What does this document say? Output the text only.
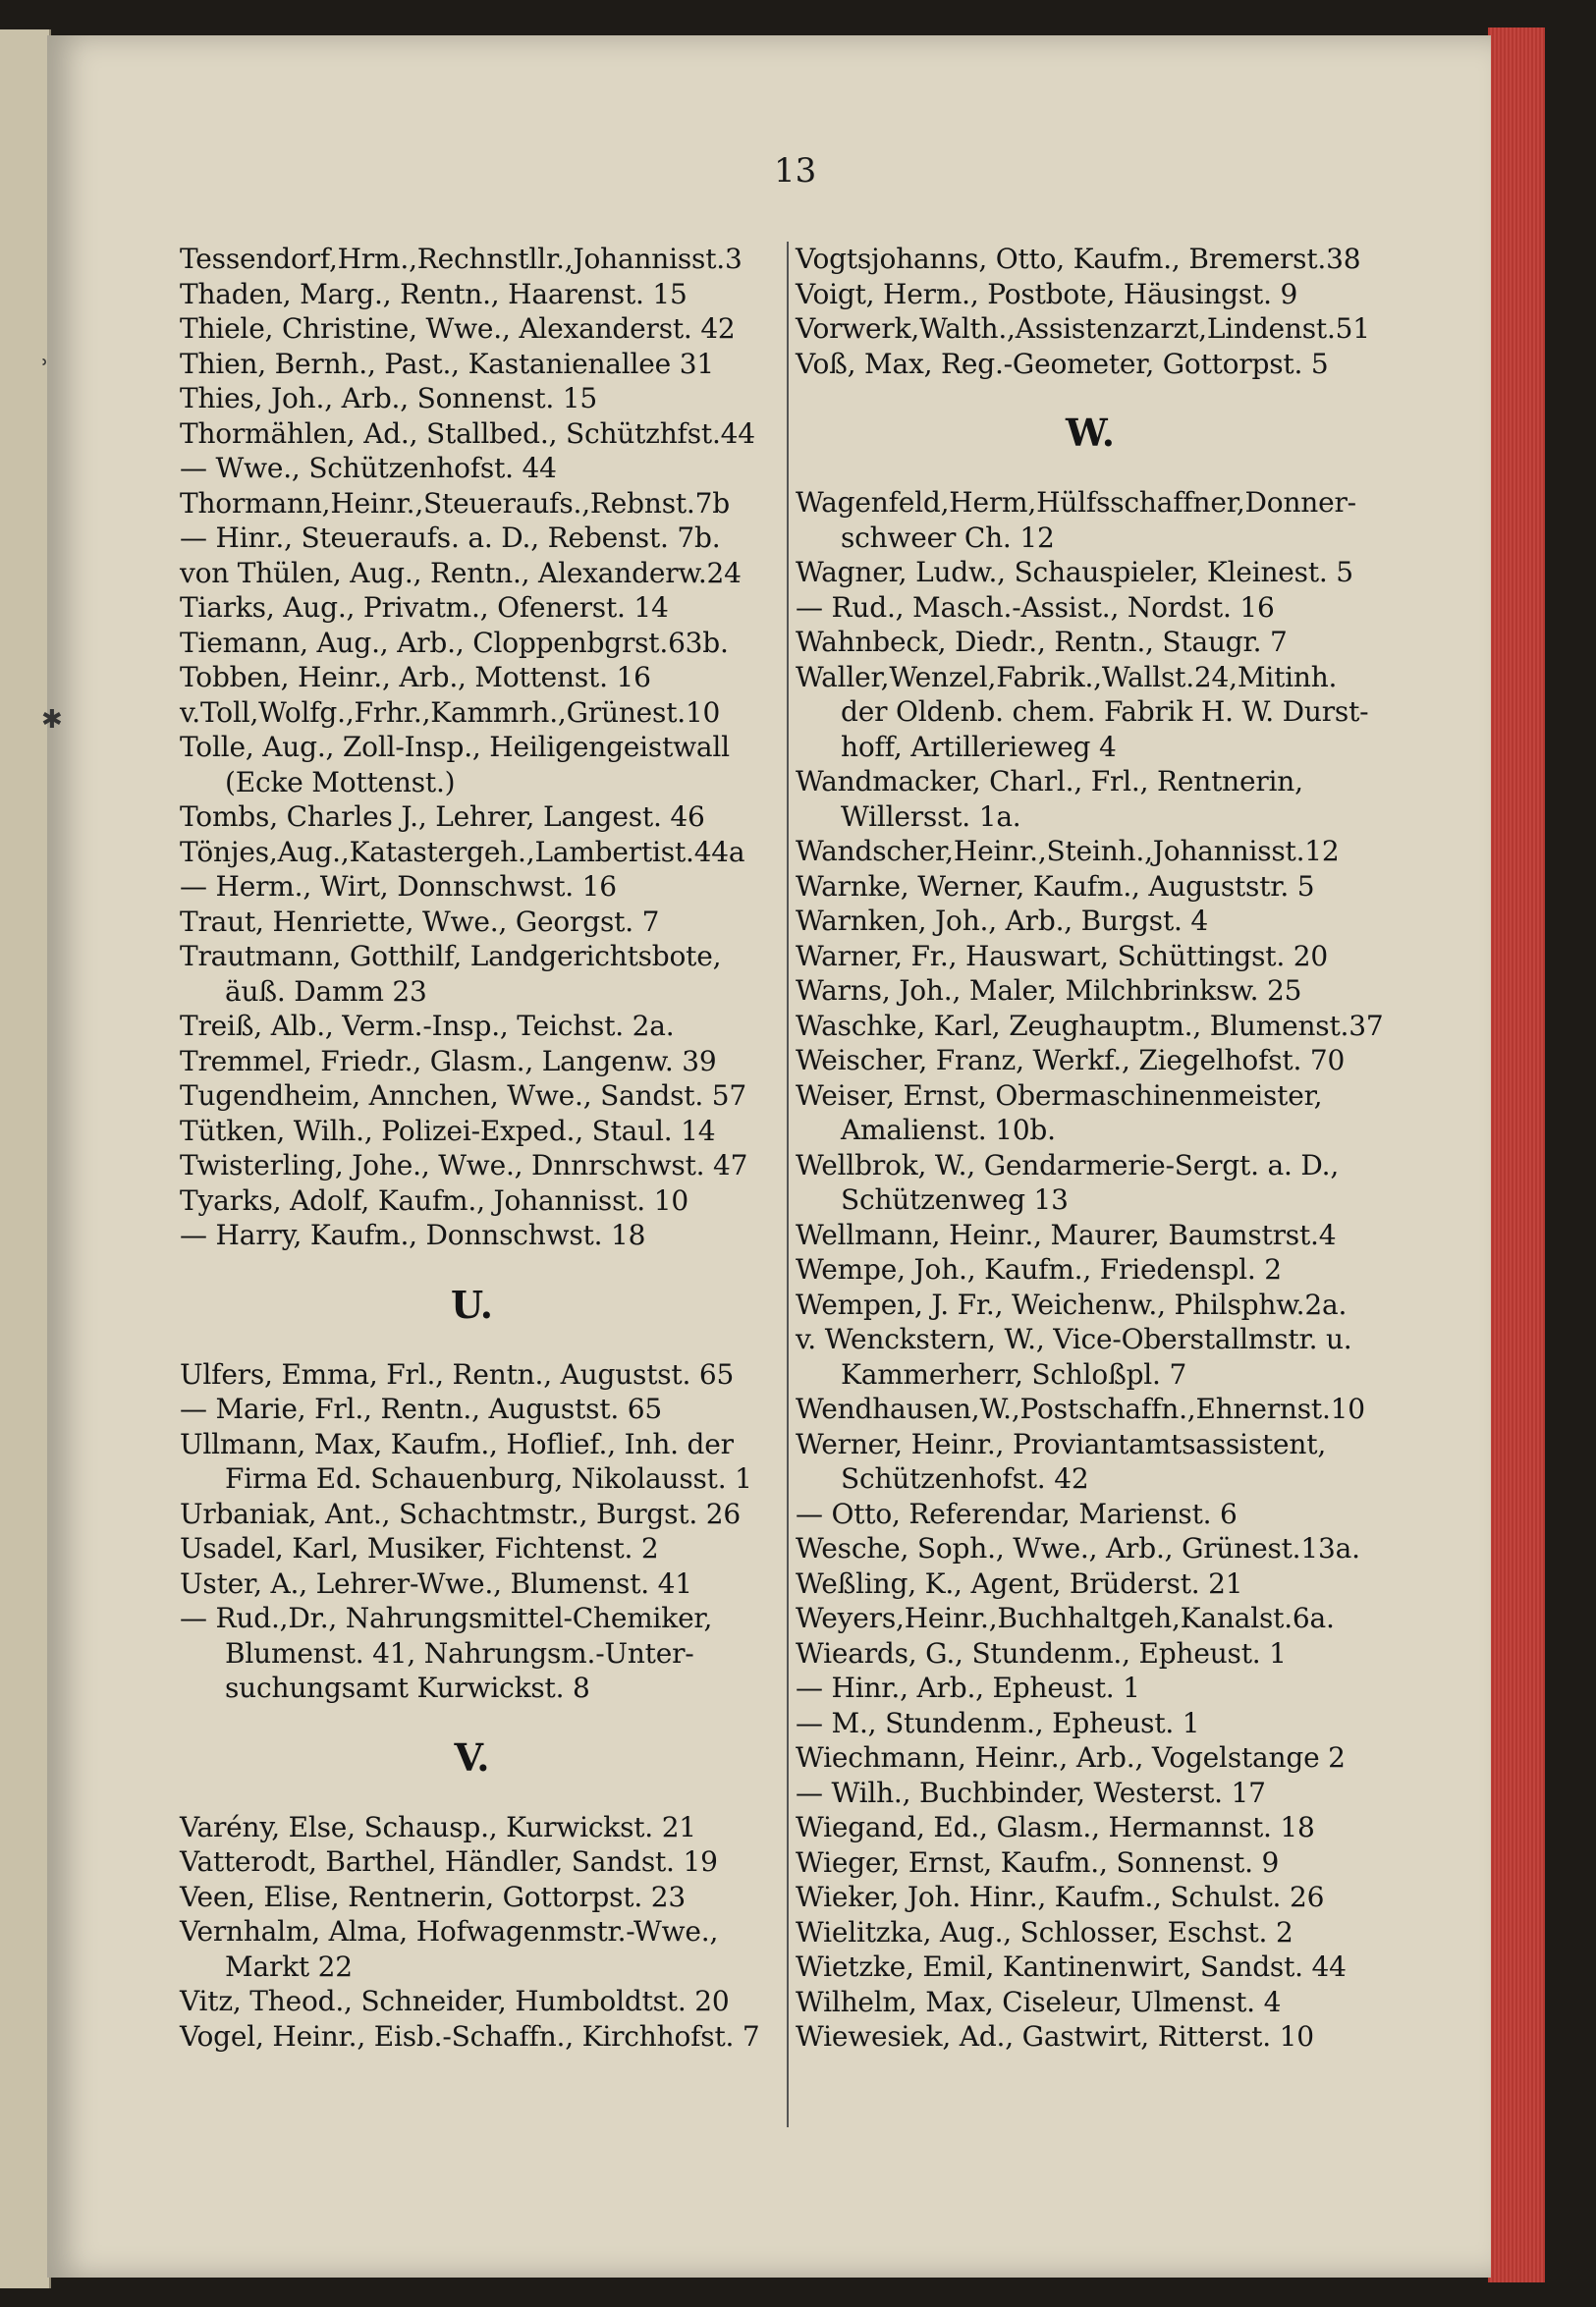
13
ʾ
✱
Tessendorf,Hrm.,Rechnstllr.,Johannisst.3
Thaden, Marg., Rentn., Haarenst. 15
Thiele, Christine, Wwe., Alexanderst. 42
Thien, Bernh., Past., Kastanienallee 31
Thies, Joh., Arb., Sonnenst. 15
Thormählen, Ad., Stallbed., Schützhfst.44
— Wwe., Schützenhofst. 44
Thormann,Heinr.,Steueraufs.,Rebnst.7b
— Hinr., Steueraufs. a. D., Rebenst. 7b.
von Thülen, Aug., Rentn., Alexanderw.24
Tiarks, Aug., Privatm., Ofenerst. 14
Tiemann, Aug., Arb., Cloppenbgrst.63b.
Tobben, Heinr., Arb., Mottenst. 16
v.Toll,Wolfg.,Frhr.,Kammrh.,Grünest.10
Tolle, Aug., Zoll-Insp., Heiligengeistwall
(Ecke Mottenst.)
Tombs, Charles J., Lehrer, Langest. 46
Tönjes,Aug.,Katastergeh.,Lambertist.44a
— Herm., Wirt, Donnschwst. 16
Traut, Henriette, Wwe., Georgst. 7
Trautmann, Gotthilf, Landgerichtsbote,
äuß. Damm 23
Treiß, Alb., Verm.-Insp., Teichst. 2a.
Tremmel, Friedr., Glasm., Langenw. 39
Tugendheim, Annchen, Wwe., Sandst. 57
Tütken, Wilh., Polizei-Exped., Staul. 14
Twisterling, Johe., Wwe., Dnnrschwst. 47
Tyarks, Adolf, Kaufm., Johannisst. 10
— Harry, Kaufm., Donnschwst. 18
U.
Ulfers, Emma, Frl., Rentn., Augustst. 65
— Marie, Frl., Rentn., Augustst. 65
Ullmann, Max, Kaufm., Hoflief., Inh. der
Firma Ed. Schauenburg, Nikolausst. 1
Urbaniak, Ant., Schachtmstr., Burgst. 26
Usadel, Karl, Musiker, Fichtenst. 2
Uster, A., Lehrer-Wwe., Blumenst. 41
— Rud.,Dr., Nahrungsmittel-Chemiker,
Blumenst. 41, Nahrungsm.-Unter-
suchungsamt Kurwickst. 8
V.
Varény, Else, Schausp., Kurwickst. 21
Vatterodt, Barthel, Händler, Sandst. 19
Veen, Elise, Rentnerin, Gottorpst. 23
Vernhalm, Alma, Hofwagenmstr.-Wwe.,
Markt 22
Vitz, Theod., Schneider, Humboldtst. 20
Vogel, Heinr., Eisb.-Schaffn., Kirchhofst. 7
Vogtsjohanns, Otto, Kaufm., Bremerst.38
Voigt, Herm., Postbote, Häusingst. 9
Vorwerk,Walth.,Assistenzarzt,Lindenst.51
Voß, Max, Reg.-Geometer, Gottorpst. 5
W.
Wagenfeld,Herm,Hülfsschaffner,Donner-
schweer Ch. 12
Wagner, Ludw., Schauspieler, Kleinest. 5
— Rud., Masch.-Assist., Nordst. 16
Wahnbeck, Diedr., Rentn., Staugr. 7
Waller,Wenzel,Fabrik.,Wallst.24,Mitinh.
der Oldenb. chem. Fabrik H. W. Durst-
hoff, Artillerieweg 4
Wandmacker, Charl., Frl., Rentnerin,
Willersst. 1a.
Wandscher,Heinr.,Steinh.,Johannisst.12
Warnke, Werner, Kaufm., Auguststr. 5
Warnken, Joh., Arb., Burgst. 4
Warner, Fr., Hauswart, Schüttingst. 20
Warns, Joh., Maler, Milchbrinksw. 25
Waschke, Karl, Zeughauptm., Blumenst.37
Weischer, Franz, Werkf., Ziegelhofst. 70
Weiser, Ernst, Obermaschinenmeister,
Amalienst. 10b.
Wellbrok, W., Gendarmerie-Sergt. a. D.,
Schützenweg 13
Wellmann, Heinr., Maurer, Baumstrst.4
Wempe, Joh., Kaufm., Friedenspl. 2
Wempen, J. Fr., Weichenw., Philsphw.2a.
v. Wenckstern, W., Vice-Oberstallmstr. u.
Kammerherr, Schloßpl. 7
Wendhausen,W.,Postschaffn.,Ehnernst.10
Werner, Heinr., Proviantamtsassistent,
Schützenhofst. 42
— Otto, Referendar, Marienst. 6
Wesche, Soph., Wwe., Arb., Grünest.13a.
Weßling, K., Agent, Brüderst. 21
Weyers,Heinr.,Buchhaltgeh,Kanalst.6a.
Wieards, G., Stundenm., Epheust. 1
— Hinr., Arb., Epheust. 1
— M., Stundenm., Epheust. 1
Wiechmann, Heinr., Arb., Vogelstange 2
— Wilh., Buchbinder, Westerst. 17
Wiegand, Ed., Glasm., Hermannst. 18
Wieger, Ernst, Kaufm., Sonnenst. 9
Wieker, Joh. Hinr., Kaufm., Schulst. 26
Wielitzka, Aug., Schlosser, Eschst. 2
Wietzke, Emil, Kantinenwirt, Sandst. 44
Wilhelm, Max, Ciseleur, Ulmenst. 4
Wiewesiek, Ad., Gastwirt, Ritterst. 10
